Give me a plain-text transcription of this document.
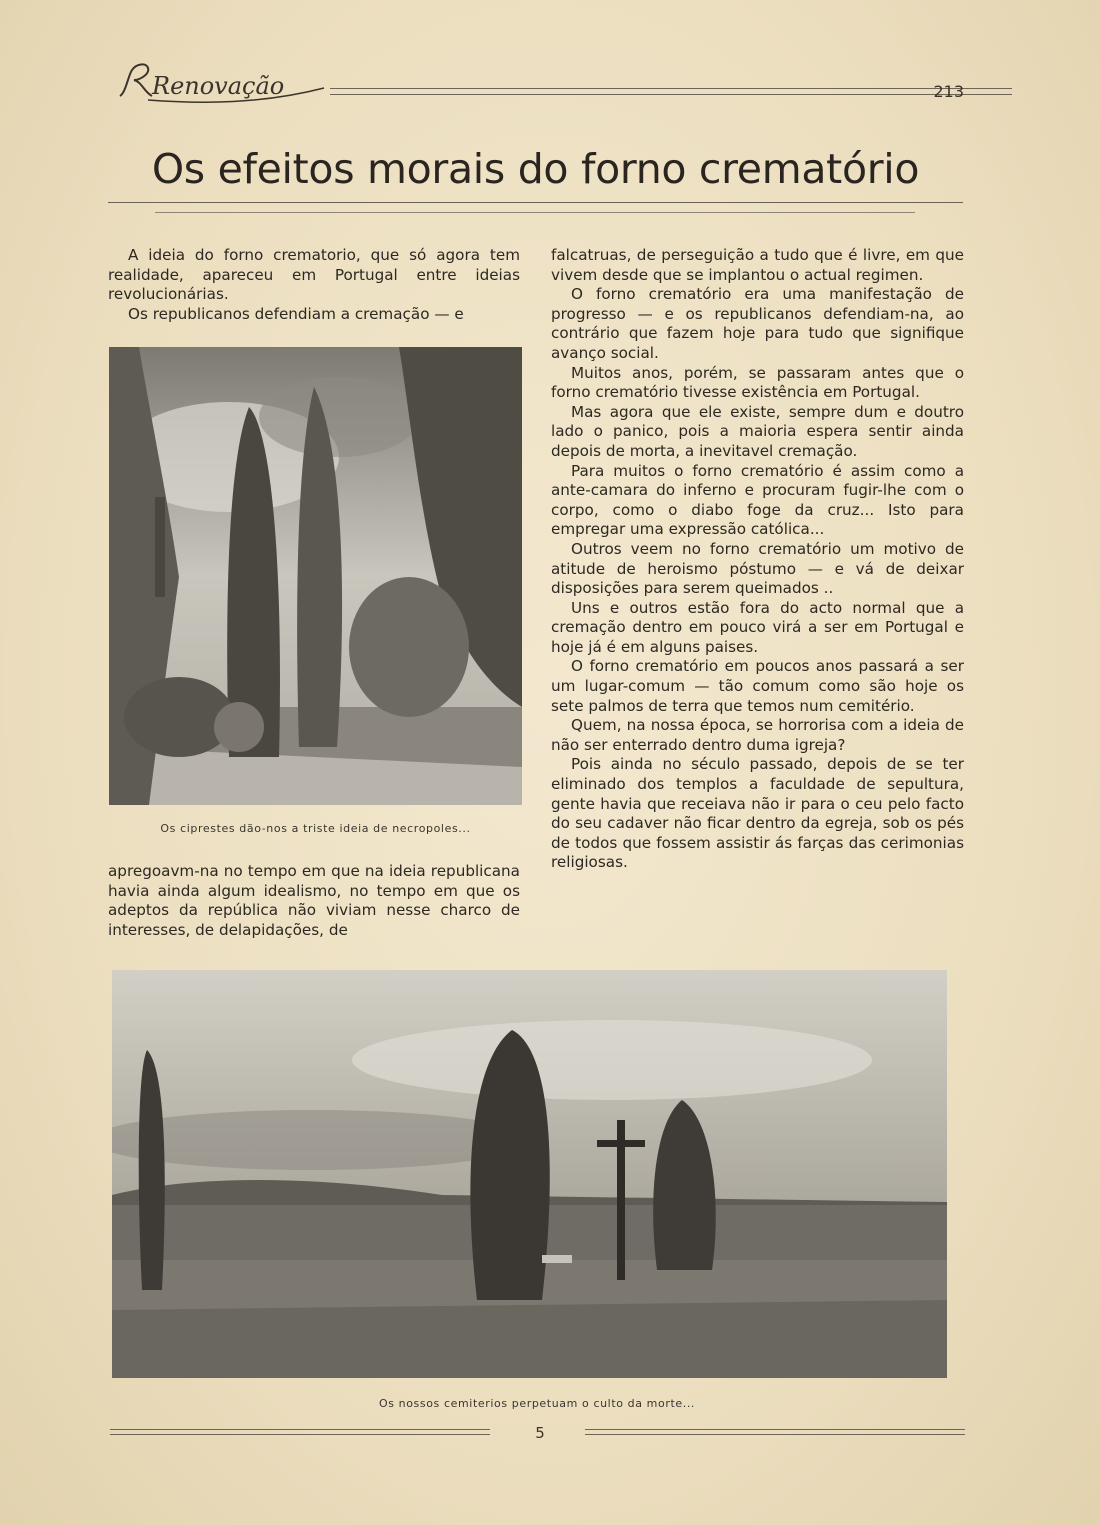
Renovação	213
Os efeitos morais do forno crematório

A ideia do forno crematorio, que só agora tem realidade, apareceu em Portugal entre ideias revolucionárias.

Os republicanos defendiam a cremação — e

Os ciprestes dão-nos a triste ideia de necropoles...

apregoavm-na no tempo em que na ideia republicana havia ainda algum idealismo, no tempo em que os adeptos da república não viviam nesse charco de interesses, de delapidações, de

falcatruas, de perseguição a tudo que é livre, em que vivem desde que se implantou o actual regimen.

O forno crematório era uma manifestação de progresso — e os republicanos defendiam-na, ao contrário que fazem hoje para tudo que signifique avanço social.

Muitos anos, porém, se passaram antes que o forno crematório tivesse existência em Portugal.

Mas agora que ele existe, sempre dum e doutro lado o panico, pois a maioria espera sentir ainda depois de morta, a inevitavel cremação.

Para muitos o forno crematório é assim como a ante-camara do inferno e procuram fugir-lhe com o corpo, como o diabo foge da cruz... Isto para empregar uma expressão católica...

Outros veem no forno crematório um motivo de atitude de heroismo póstumo — e vá de deixar disposições para serem queimados ..

Uns e outros estão fora do acto normal que a cremação dentro em pouco virá a ser em Portugal e hoje já é em alguns paises.

O forno crematório em poucos anos passará a ser um lugar-comum — tão comum como são hoje os sete palmos de terra que temos num cemitério.

Quem, na nossa época, se horrorisa com a ideia de não ser enterrado dentro duma igreja?

Pois ainda no século passado, depois de se ter eliminado dos templos a faculdade de sepultura, gente havia que receiava não ir para o ceu pelo facto do seu cadaver não ficar dentro da egreja, sob os pés de todos que fossem assistir ás farças das cerimonias religiosas.

Os nossos cemiterios perpetuam o culto da morte...
5
